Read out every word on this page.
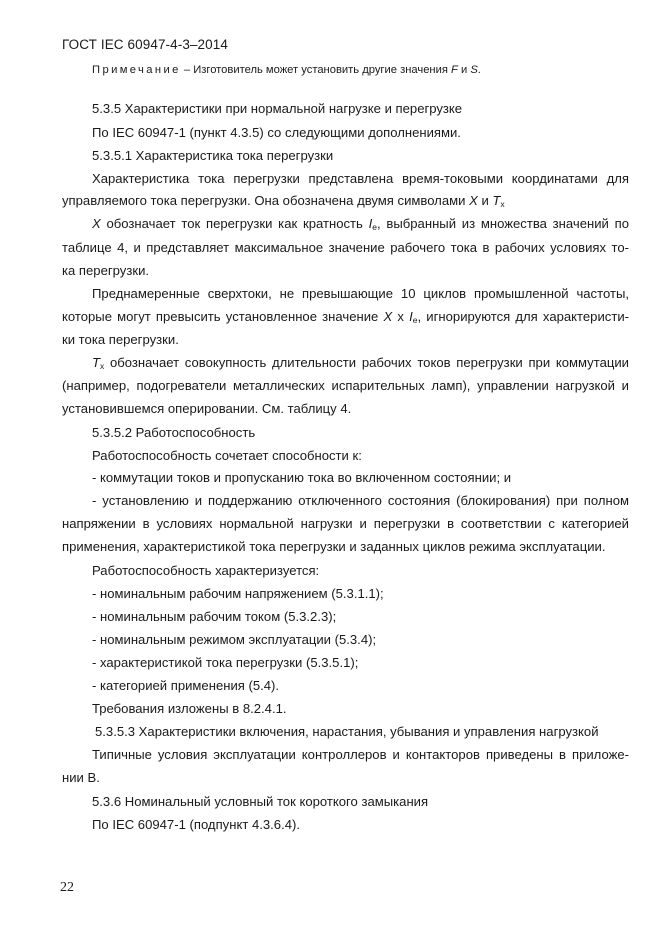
ГОСТ IEC 60947-4-3–2014
Примечание – Изготовитель может установить другие значения F и S.
5.3.5 Характеристики при нормальной нагрузке и перегрузке
По IEC 60947-1 (пункт 4.3.5) со следующими дополнениями.
5.3.5.1 Характеристика тока перегрузки
Характеристика тока перегрузки представлена время-токовыми координатами для
управляемого тока перегрузки. Она обозначена двумя символами X и $T_x$
X обозначает ток перегрузки как кратность $I_e$, выбранный из множества значений по
таблице 4, и представляет максимальное значение рабочего тока в рабочих условиях то-
ка перегрузки.
Преднамеренные сверхтоки, не превышающие 10 циклов промышленной частоты,
которые могут превысить установленное значение X x $I_e$, игнорируются для характеристи-
ки тока перегрузки.
$T_x$ обозначает совокупность длительности рабочих токов перегрузки при коммутации
(например, подогреватели металлических испарительных ламп), управлении нагрузкой и
установившемся оперировании. См. таблицу 4.
5.3.5.2 Работоспособность
Работоспособность сочетает способности к:
- коммутации токов и пропусканию тока во включенном состоянии; и
- установлению и поддержанию отключенного состояния (блокирования) при полном
напряжении в условиях нормальной нагрузки и перегрузки в соответствии с категорией
применения, характеристикой тока перегрузки и заданных циклов режима эксплуатации.
Работоспособность характеризуется:
- номинальным рабочим напряжением (5.3.1.1);
- номинальным рабочим током (5.3.2.3);
- номинальным режимом эксплуатации (5.3.4);
- характеристикой тока перегрузки (5.3.5.1);
- категорией применения (5.4).
Требования изложены в 8.2.4.1.
5.3.5.3 Характеристики включения, нарастания, убывания и управления нагрузкой
Типичные условия эксплуатации контроллеров и контакторов приведены в приложе-
нии В.
5.3.6 Номинальный условный ток короткого замыкания
По IEC 60947-1 (подпункт 4.3.6.4).
22
